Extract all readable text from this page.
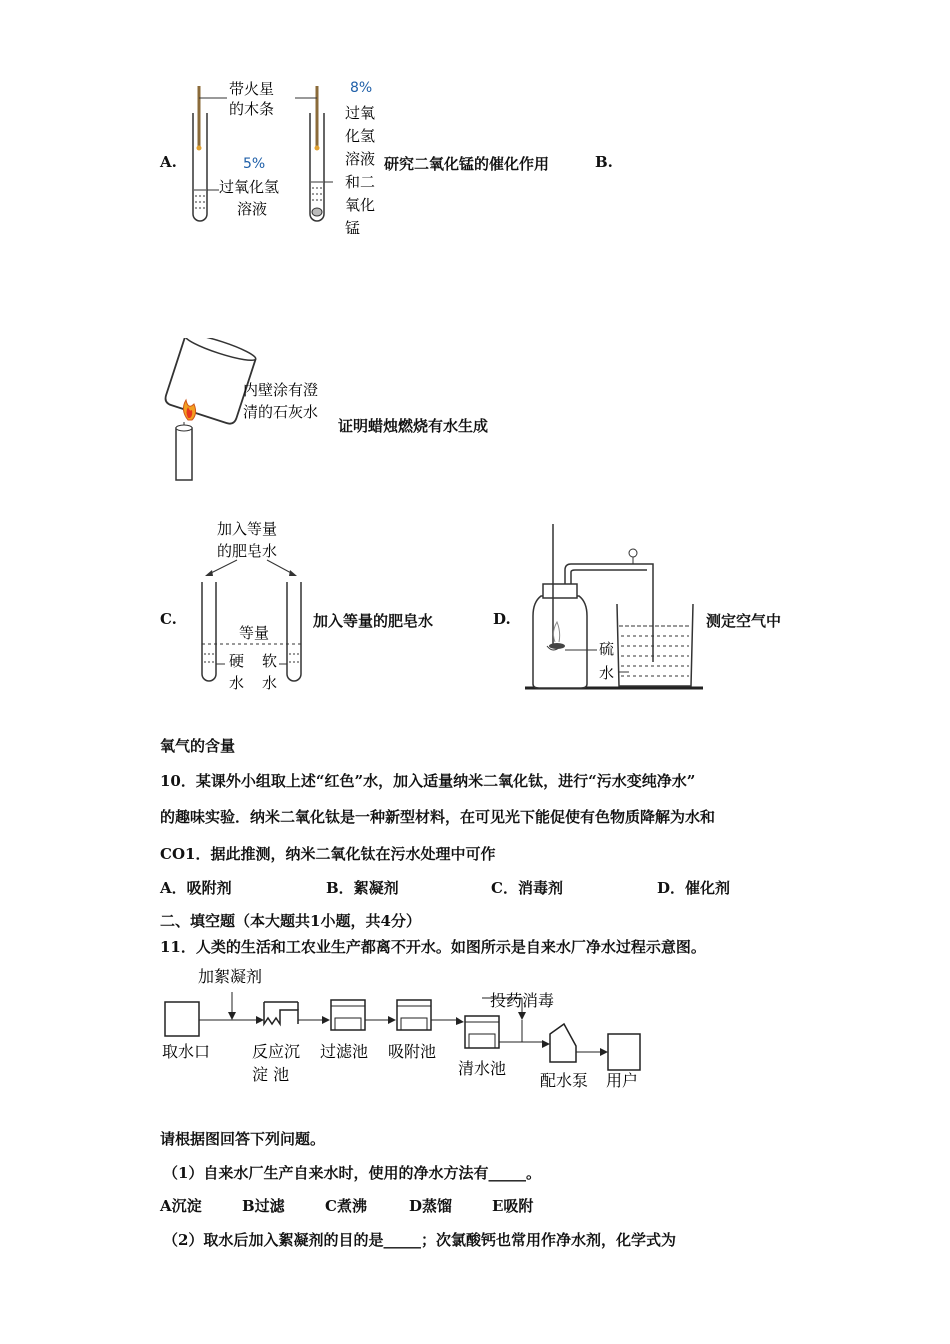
带火星
的木条
5%
过氧化氢
溶液
8%
过氧
化氢
溶液
和二
氧化
锰
A.	研究二氧化锰的催化作用	B.
内壁涂有澄
清的石灰水
证明蜡烛燃烧有水生成
加入等量
的肥皂水
等量
硬
水
软
水
C.	加入等量的肥皂水	D.
硫
水
测定空气中
氧气的含量
10．某课外小组取上述“红色”水，加入适量纳米二氧化钛，进行“污水变纯净水”
的趣味实验．纳米二氧化钛是一种新型材料，在可见光下能促使有色物质降解为水和
CO1．据此推测，纳米二氧化钛在污水处理中可作
A．吸附剂	B．絮凝剂	C．消毒剂	D．催化剂
二、填空题（本大题共1小题，共4分）
11．人类的生活和工农业生产都离不开水。如图所示是自来水厂净水过程示意图。
加絮凝剂
投药消毒
取水口	反应沉
淀 池
过滤池 吸附池
清水池
配水泵 用户
请根据图回答下列问题。
（1）自来水厂生产自来水时，使用的净水方法有_____。
A沉淀	B过滤	C煮沸	D蒸馏	E吸附
（2）取水后加入絮凝剂的目的是_____；次氯酸钙也常用作净水剂，化学式为
